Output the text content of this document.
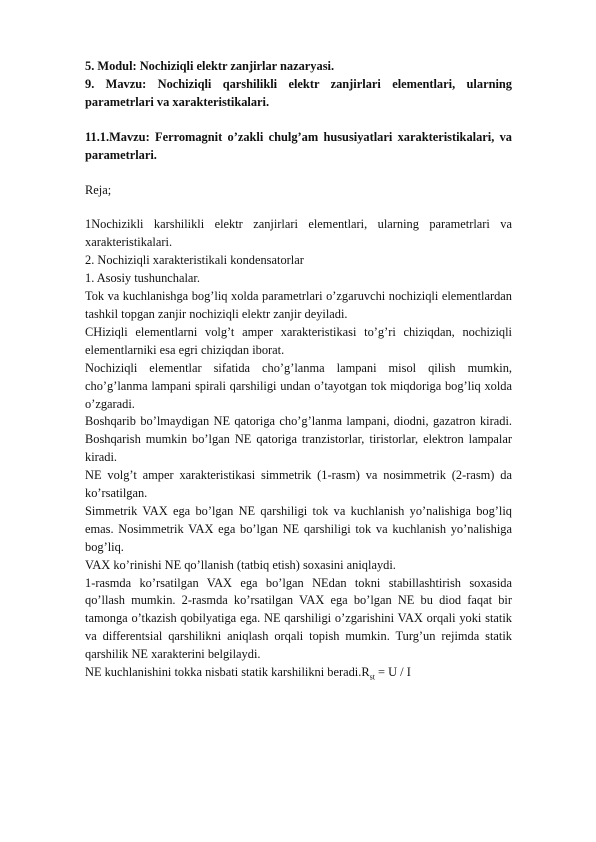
5. Modul: Nochiziqli elektr zanjirlar nazaryasi.

9. Mavzu: Nochiziqli qarshilikli elektr zanjirlari elementlari, ularning parametrlari va xarakteristikalari.

11.1.Mavzu: Ferromagnit o’zakli chulg’am hususiyatlari xarakteristikalari, va parametrlari.

Reja;

1Nochizikli karshilikli elektr zanjirlari elementlari, ularning parametrlari va xarakteristikalari.

2. Nochiziqli xarakteristikali kondensatorlar

1. Asosiy tushunchalar.

Tok va kuchlanishga bog’liq xolda parametrlari o’zgaruvchi nochiziqli elementlardan tashkil topgan zanjir nochiziqli elektr zanjir deyiladi.

CHiziqli elementlarni volg’t amper xarakteristikasi to’g’ri chiziqdan, nochiziqli elementlarniki esa egri chiziqdan iborat.

Nochiziqli elementlar sifatida cho’g’lanma lampani misol qilish mumkin, cho’g’lanma lampani spirali qarshiligi undan o’tayotgan tok miqdoriga bog’liq xolda o’zgaradi.

Boshqarib bo’lmaydigan NE qatoriga cho’g’lanma lampani, diodni, gazatron kiradi. Boshqarish mumkin bo’lgan NE qatoriga tranzistorlar, tiristorlar, elektron lampalar kiradi.

NE volg’t amper xarakteristikasi simmetrik (1-rasm) va nosimmetrik (2-rasm) da ko’rsatilgan.

Simmetrik VAX ega bo’lgan NE qarshiligi tok va kuchlanish yo’nalishiga bog’liq emas. Nosimmetrik VAX ega bo’lgan NE qarshiligi tok va kuchlanish yo’nalishiga bog’liq.

VAX ko’rinishi NE qo’llanish (tatbiq etish) soxasini aniqlaydi.

1-rasmda ko’rsatilgan VAX ega bo’lgan NEdan tokni stabillashtirish soxasida qo’llash mumkin. 2-rasmda ko’rsatilgan VAX ega bo’lgan NE bu diod faqat bir tamonga o’tkazish qobilyatiga ega. NE qarshiligi o’zgarishini VAX orqali yoki statik va differentsial qarshilikni aniqlash orqali topish mumkin. Turg’un rejimda statik qarshilik NE xarakterini belgilaydi.

NE kuchlanishini tokka nisbati statik karshilikni $beradi.R_{st} = U / I$
